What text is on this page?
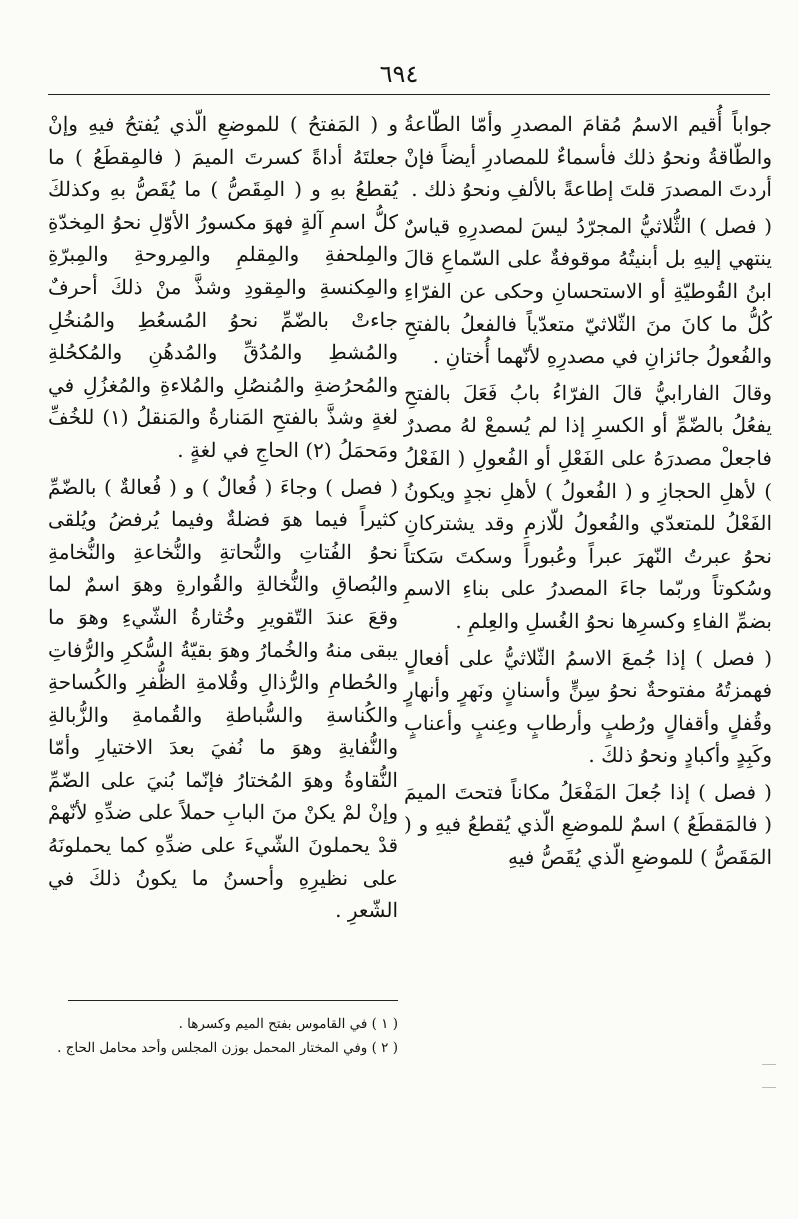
٦٩٤

جواباً أُقيم الاسمُ مُقامَ المصدرِ وأمّا الطّاعةُ والطّاقةُ ونحوُ ذلك فأسماءٌ للمصادرِ أيضاً فإنْ أردتَ المصدرَ قلتَ إطاعةً بالألفِ ونحوُ ذلك .

( فصل ) الثُّلاثيُّ المجرّدُ ليسَ لمصدرِهِ قياسٌ ينتهي إليهِ بل أبنيتُهُ موقوفةٌ على السّماعِ قالَ ابنُ القُوطيّةِ أو الاستحسانِ وحكى عن الفرّاءِ كُلُّ ما كانَ منَ الثّلاثيّ متعدّياً فالفعلُ بالفتحِ والفُعولُ جائزانِ في مصدرِهِ لأنّهما أُختانِ .

وقالَ الفارابيُّ قالَ الفرّاءُ بابُ فَعَلَ بالفتحِ يفعُلُ بالضّمِّ أو الكسرِ إذا لم يُسمعْ لهُ مصدرٌ فاجعلْ مصدرَهُ على الفَعْلِ أو الفُعولِ ( الفَعْلُ ) لأهلِ الحجازِ و ( الفُعولُ ) لأهلِ نجدٍ ويكونُ الفَعْلُ للمتعدّي والفُعولُ للّازمِ وقد يشتركانِ نحوُ عبرتُ النّهرَ عبراً وعُبوراً وسكتَ سَكتاً وسُكوتاً وربّما جاءَ المصدرُ على بناءِ الاسمِ بضمِّ الفاءِ وكسرِها نحوُ الغُسلِ والعِلمِ .

( فصل ) إذا جُمعَ الاسمُ الثّلاثيُّ على أفعالٍ فهمزتُهُ مفتوحةٌ نحوُ سِنٍّ وأسنانٍ ونَهرٍ وأنهارٍ وقُفلٍ وأقفالٍ ورُطبٍ وأرطابٍ وعِنبٍ وأعنابٍ وكَبِدٍ وأكبادٍ ونحوُ ذلكَ .

( فصل ) إذا جُعلَ المَفْعَلُ مكاناً فتحتَ الميمَ ( فالمَقطَعُ ) اسمٌ للموضعِ الّذي يُقطعُ فيهِ و ( المَقَصُّ ) للموضعِ الّذي يُقَصُّ فيهِ

و ( المَفتحُ ) للموضعِ الّذي يُفتحُ فيهِ وإنْ جعلتَهُ أداةً كسرتَ الميمَ ( فالمِقطَعُ ) ما يُقطعُ بهِ و ( المِقَصُّ ) ما يُقَصُّ بهِ وكذلكَ كلُّ اسمِ آلةٍ فهوَ مكسورُ الأوّلِ نحوُ المِخدّةِ والمِلحفةِ والمِقلمِ والمِروحةِ والمِبرّةِ والمِكنسةِ والمِقودِ وشذَّ منْ ذلكَ أحرفٌ جاءتْ بالضّمِّ نحوُ المُسعُطِ والمُنخُلِ والمُشطِ والمُدُقِّ والمُدهُنِ والمُكحُلةِ والمُحرُضةِ والمُنصُلِ والمُلاءةِ والمُغزُلِ في لغةٍ وشذَّ بالفتحِ المَنارةُ والمَنقلُ (١) للخُفِّ ومَحمَلُ (٢) الحاجِ في لغةٍ .

( فصل ) وجاءَ ( فُعالٌ ) و ( فُعالةٌ ) بالضّمِّ كثيراً فيما هوَ فضلةٌ وفيما يُرفضُ ويُلقى نحوُ الفُتاتِ والنُّحاتةِ والنُّخاعةِ والنُّخامةِ والبُصاقِ والنُّخالةِ والقُوارةِ وهوَ اسمٌ لما وقعَ عندَ التّقويرِ وخُثارةُ الشّيءِ وهوَ ما يبقى منهُ والخُمارُ وهوَ بقيّةُ السُّكرِ والرُّفاتِ والحُطامِ والرُّذالِ وقُلامةِ الظُّفرِ والكُساحةِ والكُناسةِ والسُّباطةِ والقُمامةِ والزُّبالةِ والنُّفايةِ وهوَ ما نُفيَ بعدَ الاختيارِ وأمّا النُّقاوةُ وهوَ المُختارُ فإنّما بُنيَ على الضّمِّ وإنْ لمْ يكنْ منَ البابِ حملاً على ضدِّهِ لأنّهمْ قدْ يحملونَ الشّيءَ على ضدِّهِ كما يحملونَهُ على نظيرِهِ وأحسنُ ما يكونُ ذلكَ في الشّعرِ .

( ١ ) في القاموس بفتح الميم وكسرها .

( ٢ ) وفي المختار المحمل بوزن المجلس وأحد محامل الحاج .
